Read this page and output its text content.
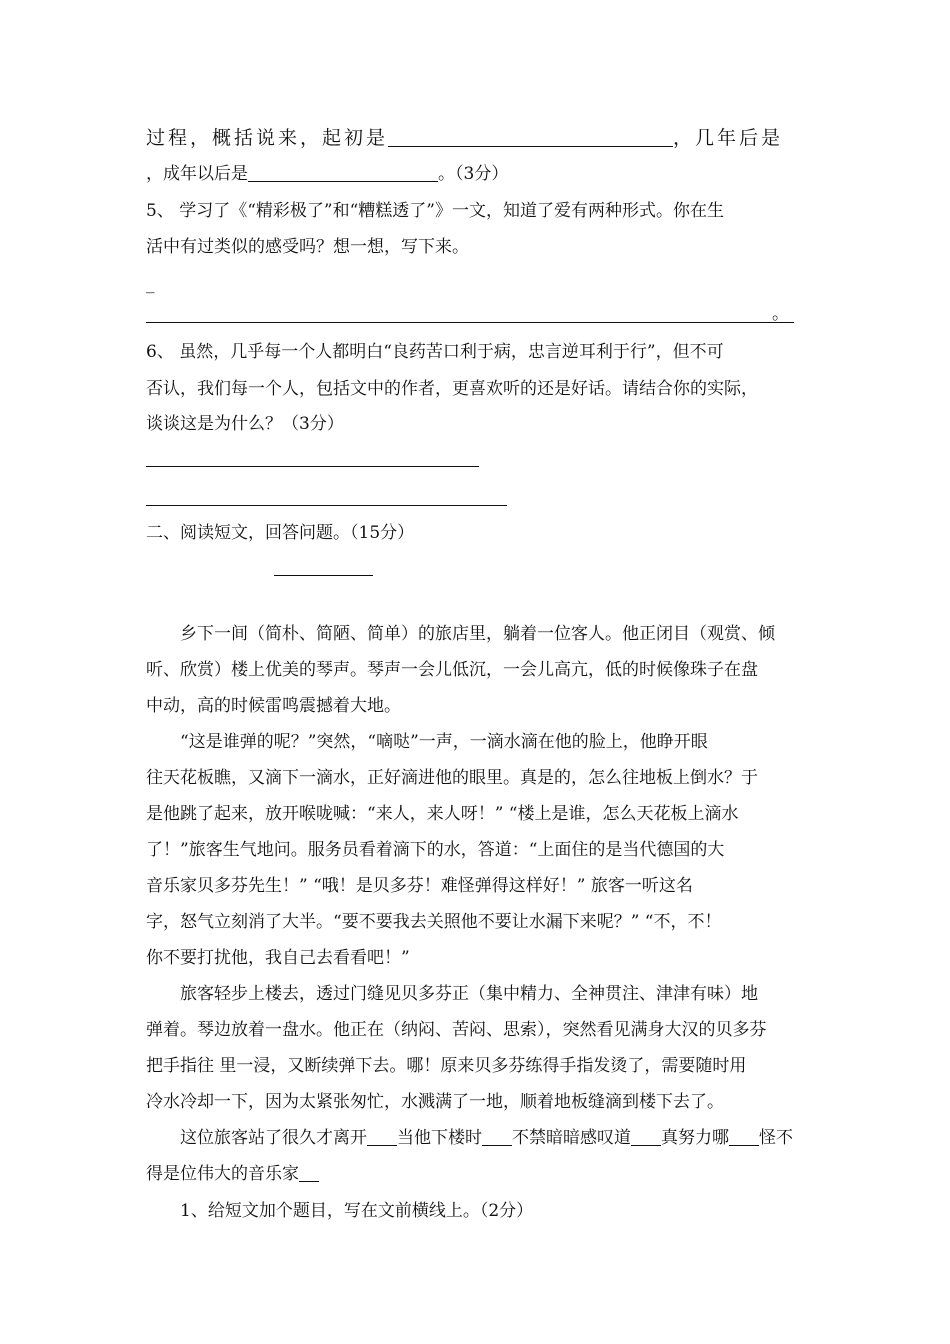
过程，概括说来，起初是	，几年后是
，成年以后是	。（3分）
5、 学习了《“精彩极了”和“糟糕透了”》一文，知道了爱有两种形式。你在生
活中有过类似的感受吗？想一想，写下来。
_
。
6、 虽然，几乎每一个人都明白“良药苦口利于病，忠言逆耳利于行”，但不可
否认，我们每一个人，包括文中的作者，更喜欢听的还是好话。请结合你的实际，
谈谈这是为什么？（3分）
二、阅读短文，回答问题。（15分）
乡下一间（简朴、简陋、简单）的旅店里，躺着一位客人。他正闭目（观赏、倾
听、欣赏）楼上优美的琴声。琴声一会儿低沉，一会儿高亢，低的时候像珠子在盘
中动，高的时候雷鸣震撼着大地。
“这是谁弹的呢？”突然，“嘀哒”一声，一滴水滴在他的脸上，他睁开眼
往天花板瞧，又滴下一滴水，正好滴进他的眼里。真是的，怎么往地板上倒水？于
是他跳了起来，放开喉咙喊：“来人，来人呀！” “楼上是谁，怎么天花板上滴水
了！”旅客生气地问。服务员看着滴下的水，答道：“上面住的是当代德国的大
音乐家贝多芬先生！” “哦！是贝多芬！难怪弹得这样好！” 旅客一听这名
字，怒气立刻消了大半。“要不要我去关照他不要让水漏下来呢？” “不，不！
你不要打扰他，我自己去看看吧！”
旅客轻步上楼去，透过门缝见贝多芬正（集中精力、全神贯注、津津有味）地
弹着。琴边放着一盘水。他正在（纳闷、苦闷、思索），突然看见满身大汉的贝多芬
把手指往 里一浸，又断续弹下去。哪！原来贝多芬练得手指发烫了，需要随时用
冷水冷却一下，因为太紧张匆忙，水溅满了一地，顺着地板缝滴到楼下去了。
这位旅客站了很久才离开 当他下楼时 不禁暗暗感叹道 真努力哪 怪不
得是位伟大的音乐家
1、给短文加个题目，写在文前横线上。（2分）
